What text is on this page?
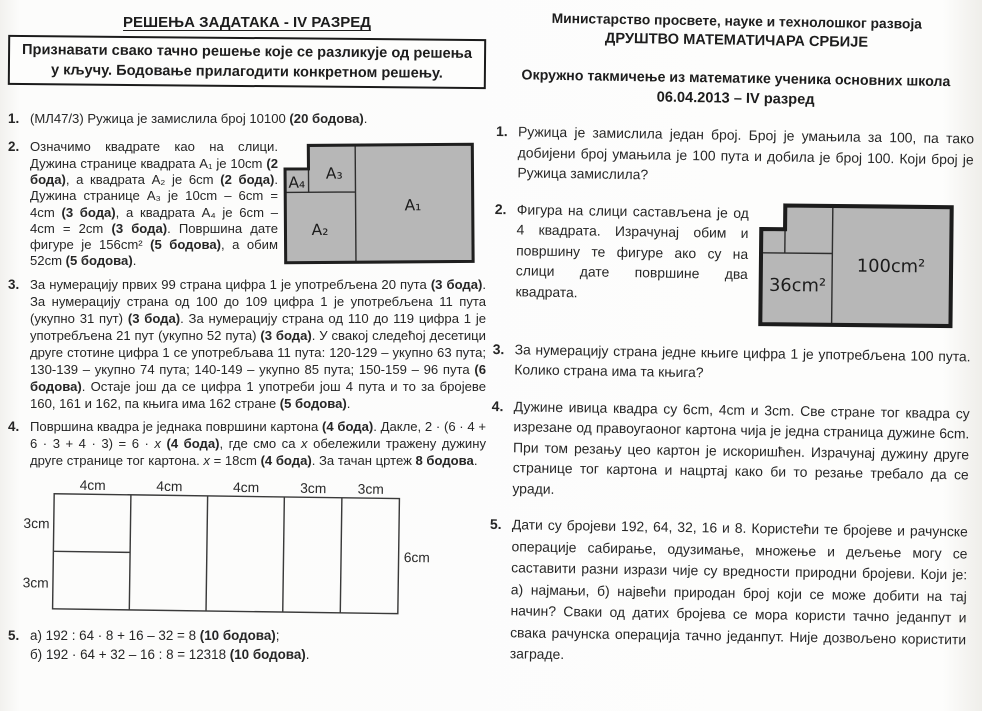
РЕШЕЊА ЗАДАТАКА - IV РАЗРЕД
Признавати свако тачно решење које се разликује од решења у кључу. Бодовање прилагодити конкретном решењу.
1. (МЛ47/3) Ружица је замислила број 10100 (20 бодова).
2. Означимо квадрате као на слици. Дужина странице квадрата А₁ је 10cm (2 бода), а квадрата А₂ је 6cm (2 бода). Дужина странице А₃ је 10cm – 6cm = 4cm (3 бода), а квадрата А₄ је 6cm – 4cm = 2cm (3 бода). Површина дате фигуре је 156cm² (5 бодова), а обим 52cm (5 бодова).
А₃
А₄
А₂
А₁
3. За нумерацију првих 99 страна цифра 1 је употребљена 20 пута (3 бода). За нумерацију страна од 100 до 109 цифра 1 је употребљена 11 пута (укупно 31 пут) (3 бода). За нумерацију страна од 110 до 119 цифра 1 је употребљена 21 пут (укупно 52 пута) (3 бода). У свакој следећој десетици друге стотине цифра 1 се употребљава 11 пута: 120-129 – укупно 63 пута; 130-139 – укупно 74 пута; 140-149 – укупно 85 пута; 150-159 – 96 пута (6 бодова). Остаје још да се цифра 1 употреби још 4 пута и то за бројеве 160, 161 и 162, па књига има 162 стране (5 бодова).
4. Површина квадра је једнака површини картона (4 бода). Дакле, 2 · (6 · 4 + 6 · 3 + 4 · 3) = 6 · x (4 бода), где смо са x обележили тражену дужину друге странице тог картона. x = 18cm (4 бода). За тачан цртеж 8 бодова.
5. а) 192 : 64 · 8 + 16 – 32 = 8 (10 бодова);
б) 192 · 64 + 32 – 16 : 8 = 12318 (10 бодова).
Министарство просвете, науке и технолошког развоја
ДРУШТВО МАТЕМАТИЧАРА СРБИЈЕ
Окружно такмичење из математике ученика основних школа
06.04.2013 – IV разред
1. Ружица је замислила један број. Број је умањила за 100, па тако добијени број умањила је 100 пута и добила је број 100. Који број је Ружица замислила?
2. Фигура на слици састављена је од 4 квадрата. Израчунај обим и површину те фигуре ако су на слици дате површине два квадрата.	36cm²
100cm²
3. За нумерацију страна једне књиге цифра 1 је употребљена 100 пута. Колико страна има та књига?
4. Дужине ивица квадра су 6cm, 4cm и 3cm. Све стране тог квадра су изрезане од правоугаоног картона чија је једна страница дужине 6cm. При том резању цео картон је искоришћен. Израчунај дужину друге странице тог картона и нацртај како би то резање требало да се уради.
5. Дати су бројеви 192, 64, 32, 16 и 8. Користећи те бројеве и рачунске операције сабирање, одузимање, множење и дељење могу се саставити разни изрази чије су вредности природни бројеви. Који је: а) најмањи, б) највећи природан број који се може добити на тај начин? Сваки од датих бројева се мора користи тачно једанпут и свака рачунска операција тачно једанпут. Није дозвољено користити заграде.
